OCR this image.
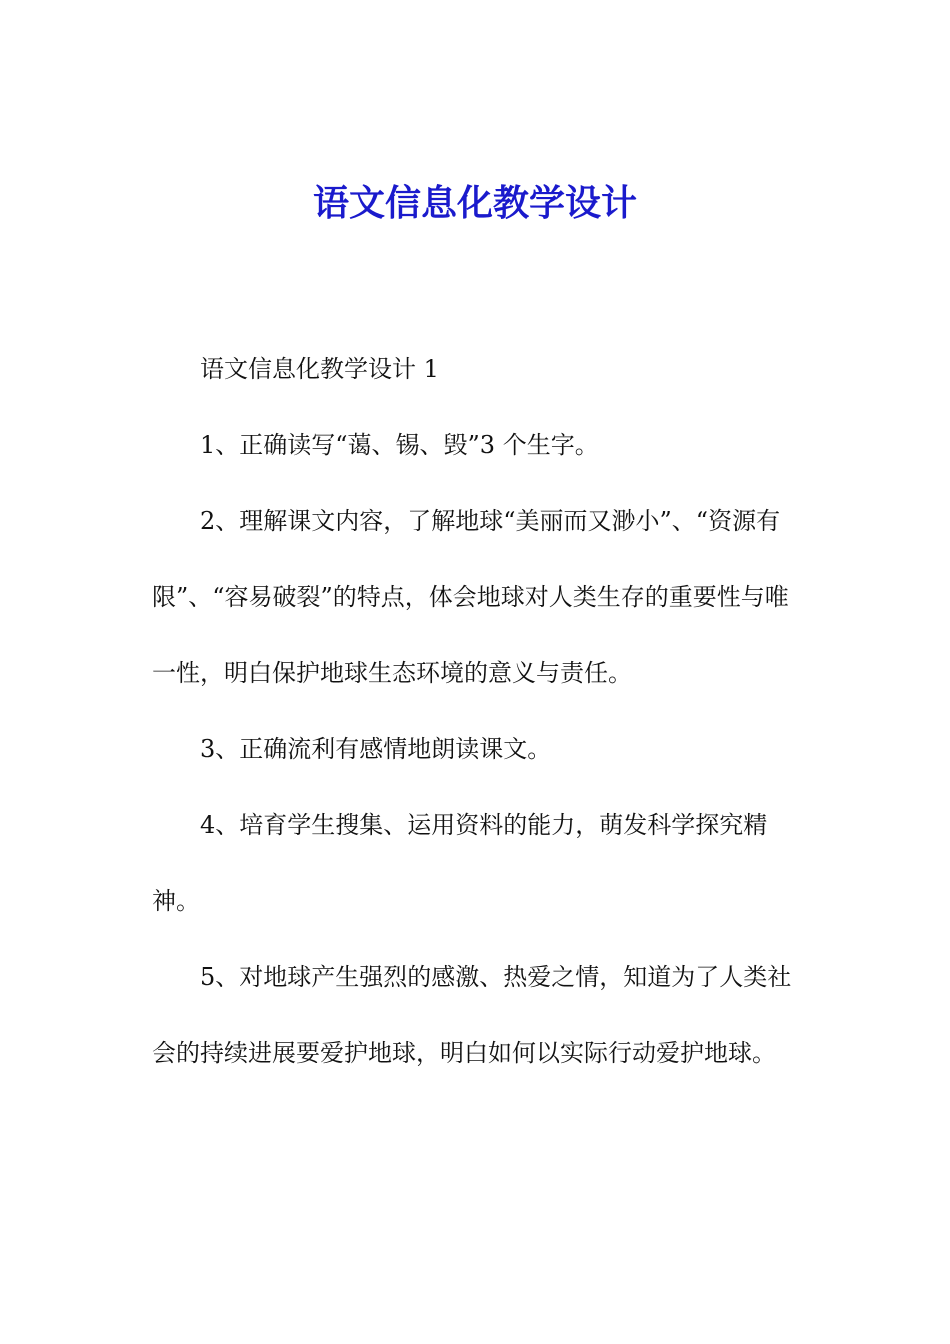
语文信息化教学设计

语文信息化教学设计 1

1、正确读写“蔼、锡、毁”3 个生字。

2、理解课文内容，了解地球“美丽而又渺小”、“资源有限”、“容易破裂”的特点，体会地球对人类生存的重要性与唯一性，明白保护地球生态环境的意义与责任。

3、正确流利有感情地朗读课文。

4、培育学生搜集、运用资料的能力，萌发科学探究精神。

5、对地球产生强烈的感激、热爱之情，知道为了人类社会的持续进展要爱护地球，明白如何以实际行动爱护地球。
